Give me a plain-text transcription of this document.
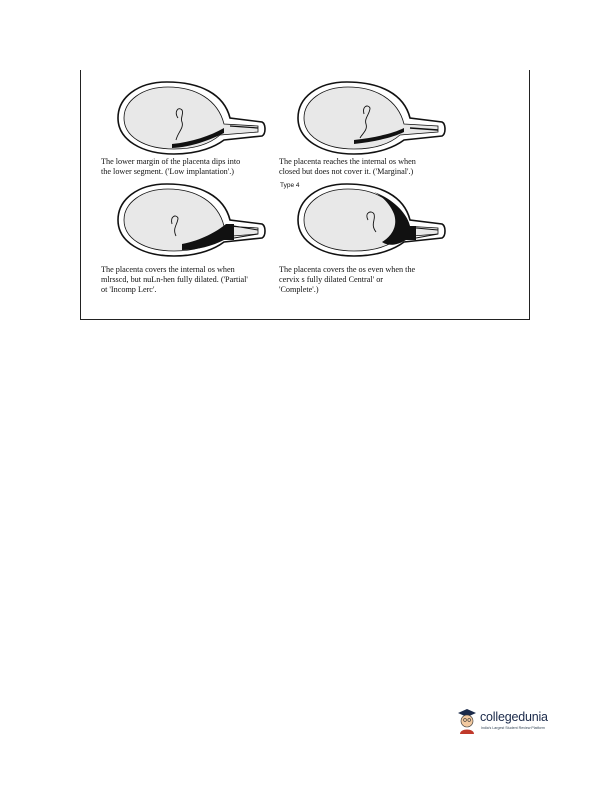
The lower margin of the placenta dips into
the lower segment. ('Low implantation'.)
The placenta reaches the internal os when
closed but does not cover it. ('Marginal'.)
Type 4
The placenta covers the internal os when
mlrsscd, but nuLn-hen fully dilated. ('Partial'
ot 'Incomp Lerc'.
The placenta covers the os even when the
cervix s fully dilated Central' or
'Complete'.)
collegedunia
India's Largest Student Review Platform
